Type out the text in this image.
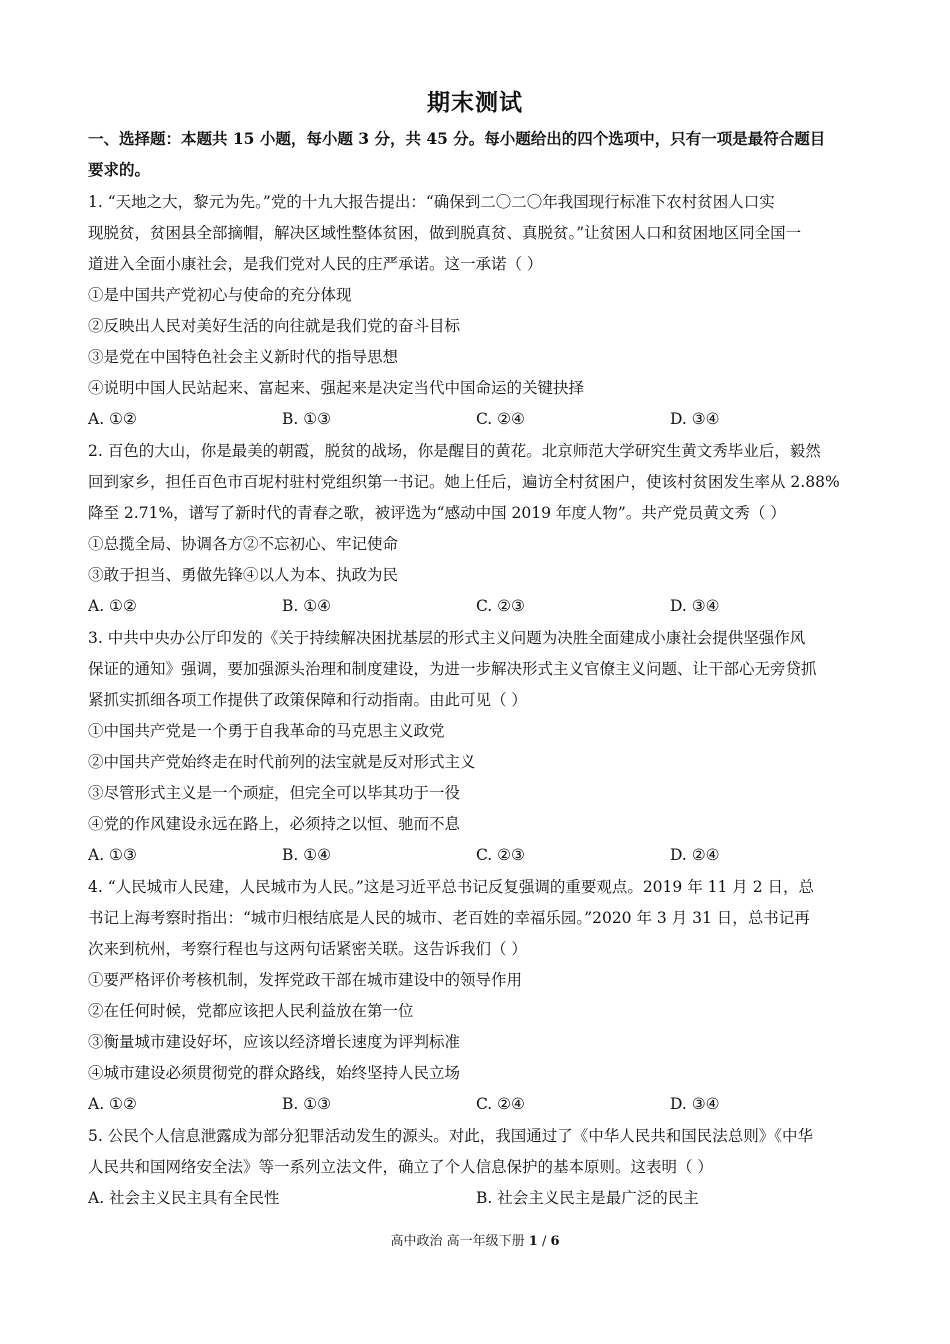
期末测试
一、选择题：本题共 15 小题，每小题 3 分，共 45 分。每小题给出的四个选项中，只有一项是最符合题目
要求的。
1. “天地之大，黎元为先。”党的十九大报告提出：“确保到二〇二〇年我国现行标准下农村贫困人口实
现脱贫，贫困县全部摘帽，解决区域性整体贫困，做到脱真贫、真脱贫。”让贫困人口和贫困地区同全国一
道进入全面小康社会，是我们党对人民的庄严承诺。这一承诺（ ）
①是中国共产党初心与使命的充分体现
②反映出人民对美好生活的向往就是我们党的奋斗目标
③是党在中国特色社会主义新时代的指导思想
④说明中国人民站起来、富起来、强起来是决定当代中国命运的关键抉择
A. ①②	B. ①③	C. ②④	D. ③④
2. 百色的大山，你是最美的朝霞，脱贫的战场，你是醒目的黄花。北京师范大学研究生黄文秀毕业后，毅然
回到家乡，担任百色市百坭村驻村党组织第一书记。她上任后，遍访全村贫困户，使该村贫困发生率从 2.88%
降至 2.71%，谱写了新时代的青春之歌，被评选为“感动中国 2019 年度人物”。共产党员黄文秀（ ）
①总揽全局、协调各方②不忘初心、牢记使命
③敢于担当、勇做先锋④以人为本、执政为民
A. ①②	B. ①④	C. ②③	D. ③④
3. 中共中央办公厅印发的《关于持续解决困扰基层的形式主义问题为决胜全面建成小康社会提供坚强作风
保证的通知》强调，要加强源头治理和制度建设，为进一步解决形式主义官僚主义问题、让干部心无旁贷抓
紧抓实抓细各项工作提供了政策保障和行动指南。由此可见（ ）
①中国共产党是一个勇于自我革命的马克思主义政党
②中国共产党始终走在时代前列的法宝就是反对形式主义
③尽管形式主义是一个顽症，但完全可以毕其功于一役
④党的作风建设永远在路上，必须持之以恒、驰而不息
A. ①③	B. ①④	C. ②③	D. ②④
4. “人民城市人民建，人民城市为人民。”这是习近平总书记反复强调的重要观点。2019 年 11 月 2 日，总
书记上海考察时指出：“城市归根结底是人民的城市、老百姓的幸福乐园。”2020 年 3 月 31 日，总书记再
次来到杭州，考察行程也与这两句话紧密关联。这告诉我们（ ）
①要严格评价考核机制，发挥党政干部在城市建设中的领导作用
②在任何时候，党都应该把人民利益放在第一位
③衡量城市建设好坏，应该以经济增长速度为评判标准
④城市建设必须贯彻党的群众路线，始终坚持人民立场
A. ①②	B. ①③	C. ②④	D. ③④
5. 公民个人信息泄露成为部分犯罪活动发生的源头。对此，我国通过了《中华人民共和国民法总则》《中华
人民共和国网络安全法》等一系列立法文件，确立了个人信息保护的基本原则。这表明（ ）
A. 社会主义民主具有全民性	B. 社会主义民主是最广泛的民主
高中政治 高一年级下册 1 / 6
